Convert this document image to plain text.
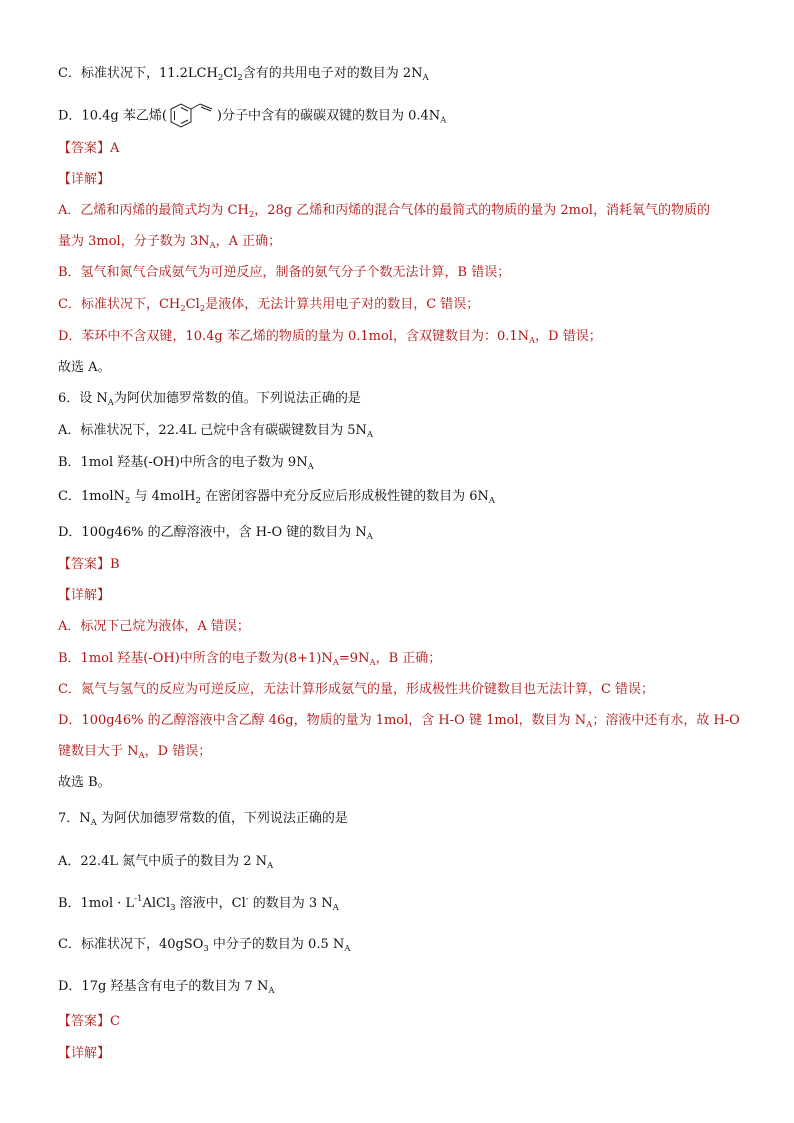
C．标准状况下，$11.2LCH_2Cl_2$含有的共用电子对的数目为 $2N_A$
D．10.4g 苯乙烯(	)分子中含有的碳碳双键的数目为 $0.4N_A$
【答案】A
【详解】
A．乙烯和丙烯的最简式均为 $CH_2$，28g 乙烯和丙烯的混合气体的最简式的物质的量为 2mol，消耗氧气的物质的
量为 3mol，分子数为 $3N_A$，A 正确；
B．氢气和氮气合成氨气为可逆反应，制备的氨气分子个数无法计算，B 错误；
C．标准状况下，$CH_2Cl_2$是液体，无法计算共用电子对的数目，C 错误；
D．苯环中不含双键，10.4g 苯乙烯的物质的量为 0.1mol，含双键数目为：$0.1N_A$，D 错误；
故选 A。
6．设 $N_A$为阿伏加德罗常数的值。下列说法正确的是
A．标准状况下，22.4L 己烷中含有碳碳键数目为 $5N_A$
B．1mol 羟基(-OH)中所含的电子数为 $9N_A$
C．1molN$_2$ 与 4molH$_2$ 在密闭容器中充分反应后形成极性键的数目为 $6N_A$
D．100g46% 的乙醇溶液中，含 H-O 键的数目为 $N_A$
【答案】B
【详解】
A．标况下己烷为液体，A 错误；
B．1mol 羟基(-OH)中所含的电子数为$(8+1)N_A=9N_A$，B 正确；
C．氮气与氢气的反应为可逆反应，无法计算形成氨气的量，形成极性共价键数目也无法计算，C 错误；
D．100g46% 的乙醇溶液中含乙醇 46g，物质的量为 1mol，含 H-O 键 1mol，数目为 $N_A$；溶液中还有水，故 H-O
键数目大于 $N_A$，D 错误；
故选 B。
7．$N_A$ 为阿伏加德罗常数的值，下列说法正确的是
A．22.4L 氮气中质子的数目为 2 $N_A$
B．$1mol \cdot L^{-1}AlCl_3$ 溶液中，Cl- 的数目为 3 $N_A$
C．标准状况下，40gSO$_3$ 中分子的数目为 0.5 $N_A$
D．17g 羟基含有电子的数目为 7 $N_A$
【答案】C
【详解】
